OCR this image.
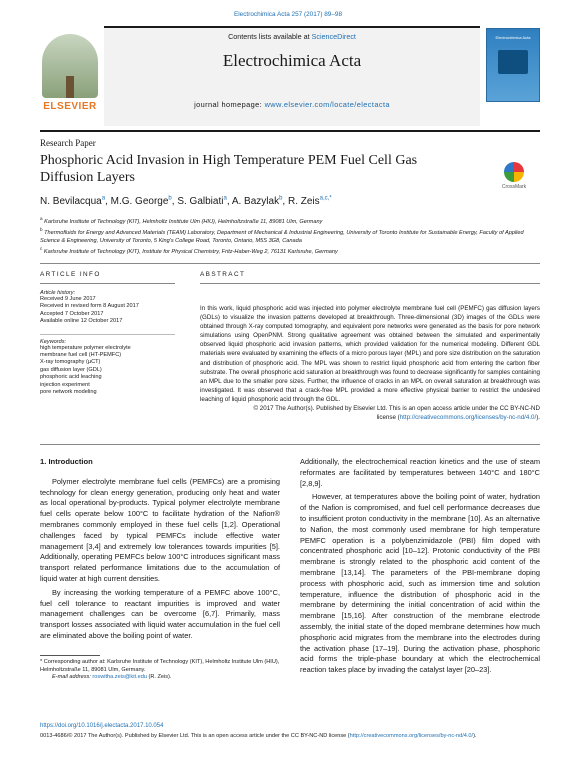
Electrochimica Acta 257 (2017) 89–98
ELSEVIER
Contents lists available at ScienceDirect
Electrochimica Acta
journal homepage: www.elsevier.com/locate/electacta
Electrochimica Acta
Research Paper
Phosphoric Acid Invasion in High Temperature PEM Fuel Cell Gas Diffusion Layers
CrossMark
N. Bevilacqua$^a$, M.G. George$^b$, S. Galbiati$^a$, A. Bazylak$^b$, R. Zeis$^{a,c,*}$
$^a$ Karlsruhe Institute of Technology (KIT), Helmholtz Institute Ulm (HIU), Helmholtzstraße 11, 89081 Ulm, Germany
$^b$ Thermofluids for Energy and Advanced Materials (TEAM) Laboratory, Department of Mechanical & Industrial Engineering, University of Toronto Institute for Sustainable Energy, Faculty of Applied Science & Engineering, University of Toronto, 5 King's College Road, Toronto, Ontario, M5S 3G8, Canada
$^c$ Karlsruhe Institute of Technology (KIT), Institute for Physical Chemistry, Fritz-Haber-Weg 2, 76131 Karlsruhe, Germany
ARTICLE INFO
Article history:
Received 9 June 2017
Received in revised form 8 August 2017
Accepted 7 October 2017
Available online 12 October 2017
Keywords:
high temperature polymer electrolyte
membrane fuel cell (HT-PEMFC)
X-ray tomography (µCT)
gas diffusion layer (GDL)
phosphoric acid leaching
injection experiment
pore network modeling
ABSTRACT
In this work, liquid phosphoric acid was injected into polymer electrolyte membrane fuel cell (PEMFC) gas diffusion layers (GDLs) to visualize the invasion patterns developed at breakthrough. Three-dimensional (3D) images of the GDLs were obtained through X-ray computed tomography, and equivalent pore networks were generated as the basis for pore network simulations using OpenPNM. Strong qualitative agreement was obtained between the simulated and experimentally observed liquid phosphoric acid invasion patterns, which provided validation for the numerical modeling. Different GDL materials were evaluated by examining the effects of a micro porous layer (MPL) and pore size distribution on the saturation and distribution of phosphoric acid. The MPL was shown to restrict liquid phosphoric acid from entering the carbon fiber substrate. The overall phosphoric acid saturation at breakthrough was found to decrease significantly for samples containing an MPL due to the smaller pore sizes. Further, the influence of cracks in an MPL on overall saturation at breakthrough was investigated. It was observed that a crack-free MPL provided a more effective physical barrier to restrict the undesired leaching of liquid phosphoric acid through the GDL.
© 2017 The Author(s). Published by Elsevier Ltd. This is an open access article under the CC BY-NC-ND
license (http://creativecommons.org/licenses/by-nc-nd/4.0/).
1. Introduction

Polymer electrolyte membrane fuel cells (PEMFCs) are a promising technology for clean energy generation, producing only heat and water as local operational by-products. Typical polymer electrolyte membrane fuel cells operate below 100°C to facilitate hydration of the Nafion® membranes commonly employed in these fuel cells [1,2]. Operational challenges faced by typical PEMFCs include effective water management [3,4] and extremely low tolerances towards impurities [5]. Additionally, operating PEMFCs below 100°C introduces significant mass transport related performance limitations due to the accumulation of liquid water at high current densities.

By increasing the working temperature of a PEMFC above 100°C, fuel cell tolerance to reactant impurities is improved and water management challenges can be overcome [6,7]. Primarily, mass transport losses associated with liquid water accumulation in the fuel cell are eliminated above the boiling point of water.

Additionally, the electrochemical reaction kinetics and the use of steam reformates are facilitated by temperatures between 140°C and 180°C [2,8,9].

However, at temperatures above the boiling point of water, hydration of the Nafion is compromised, and fuel cell performance decreases due to insufficient proton conductivity in the membrane [10]. As an alternative to Nafion, the most commonly used membrane for high temperature PEMFC operation is a polybenzimidazole (PBI) film doped with concentrated phosphoric acid [10–12]. Protonic conductivity of the PBI membrane is strongly related to the phosphoric acid content of the membrane [13,14]. The parameters of the PBI-membrane doping process with phosphoric acid, such as immersion time and solution temperature, influence the distribution of phosphoric acid in the membrane by determining the initial concentration of acid within the membrane [15,16]. After construction of the membrane electrode assembly, the initial state of the doped membrane determines how much phosphoric acid migrates from the membrane into the electrodes during the activation phase [17–19]. During the activation phase, phosphoric acid forms the triple-phase boundary at which the electrochemical reaction takes place by invading the catalyst layer [20–23].

* Corresponding author at: Karlsruhe Institute of Technology (KIT), Helmholtz Institute Ulm (HIU), Helmholtzstraße 11, 89081 Ulm, Germany.
E-mail address: roswitha.zeis@kit.edu (R. Zeis).
https://doi.org/10.1016/j.electacta.2017.10.054
0013-4686/© 2017 The Author(s). Published by Elsevier Ltd. This is an open access article under the CC BY-NC-ND license (http://creativecommons.org/licenses/by-nc-nd/4.0/).
